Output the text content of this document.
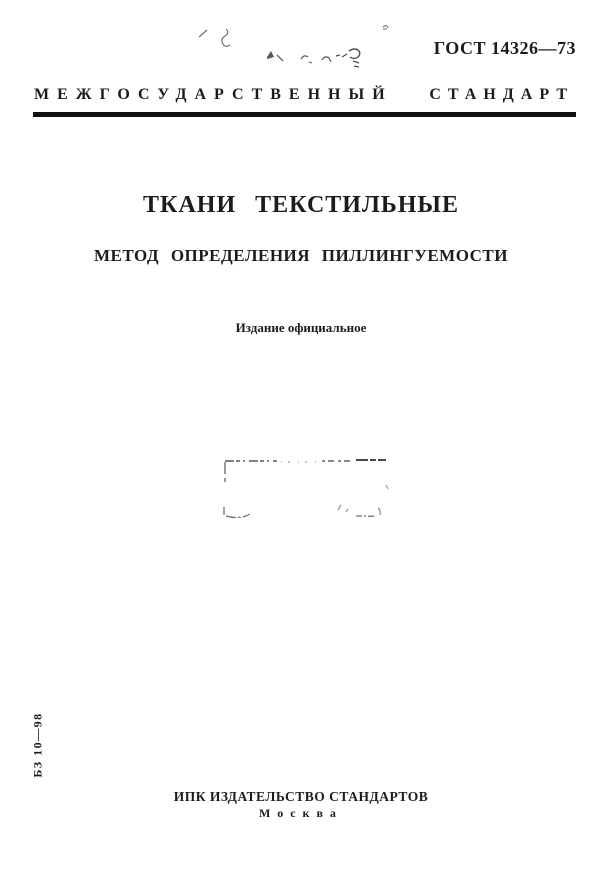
ГОСТ 14326—73
МЕЖГОСУДАРСТВЕННЫЙ СТАНДАРТ
ТКАНИ ТЕКСТИЛЬНЫЕ
МЕТОД ОПРЕДЕЛЕНИЯ ПИЛЛИНГУЕМОСТИ
Издание официальное
БЗ 10—98
ИПК ИЗДАТЕЛЬСТВО СТАНДАРТОВ
Москва
